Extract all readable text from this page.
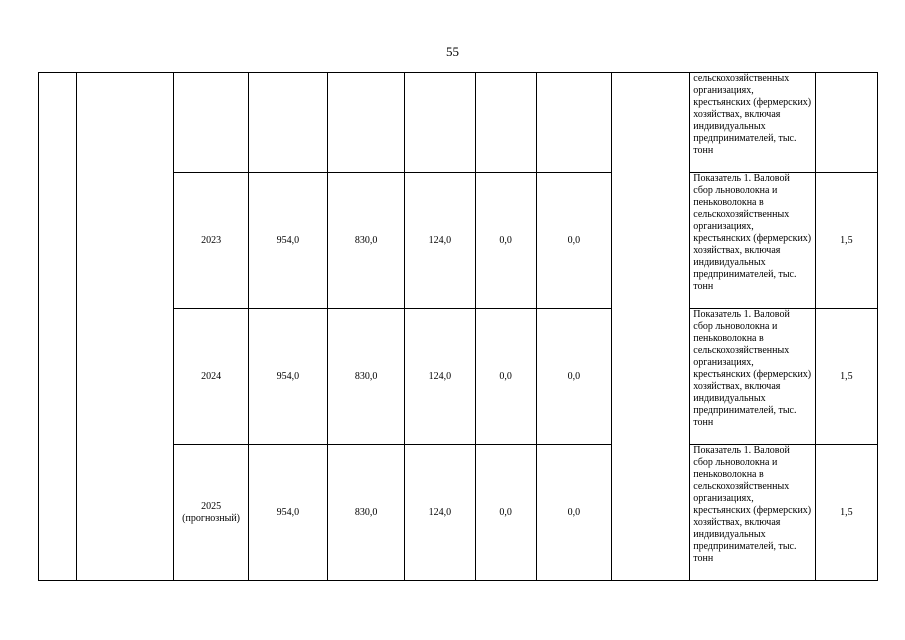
55

									сельскохозяйственных организациях, крестьянских (фермерских) хозяйствах, включая индивидуальных предпринимателей, тыс. тонн	

		2023	954,0	830,0	124,0	0,0	0,0		Показатель 1. Валовой сбор льноволокна и пеньковолокна в сельскохозяйственных организациях, крестьянских (фермерских) хозяйствах, включая индивидуальных предпринимателей, тыс. тонн	1,5
		2024	954,0	830,0	124,0	0,0	0,0		Показатель 1. Валовой сбор льноволокна и пеньковолокна в сельскохозяйственных организациях, крестьянских (фермерских) хозяйствах, включая индивидуальных предпринимателей, тыс. тонн	1,5
		2025
(прогнозный)	954,0	830,0	124,0	0,0	0,0		Показатель 1. Валовой сбор льноволокна и пеньковолокна в сельскохозяйственных организациях, крестьянских (фермерских) хозяйствах, включая индивидуальных предпринимателей, тыс. тонн	1,5
